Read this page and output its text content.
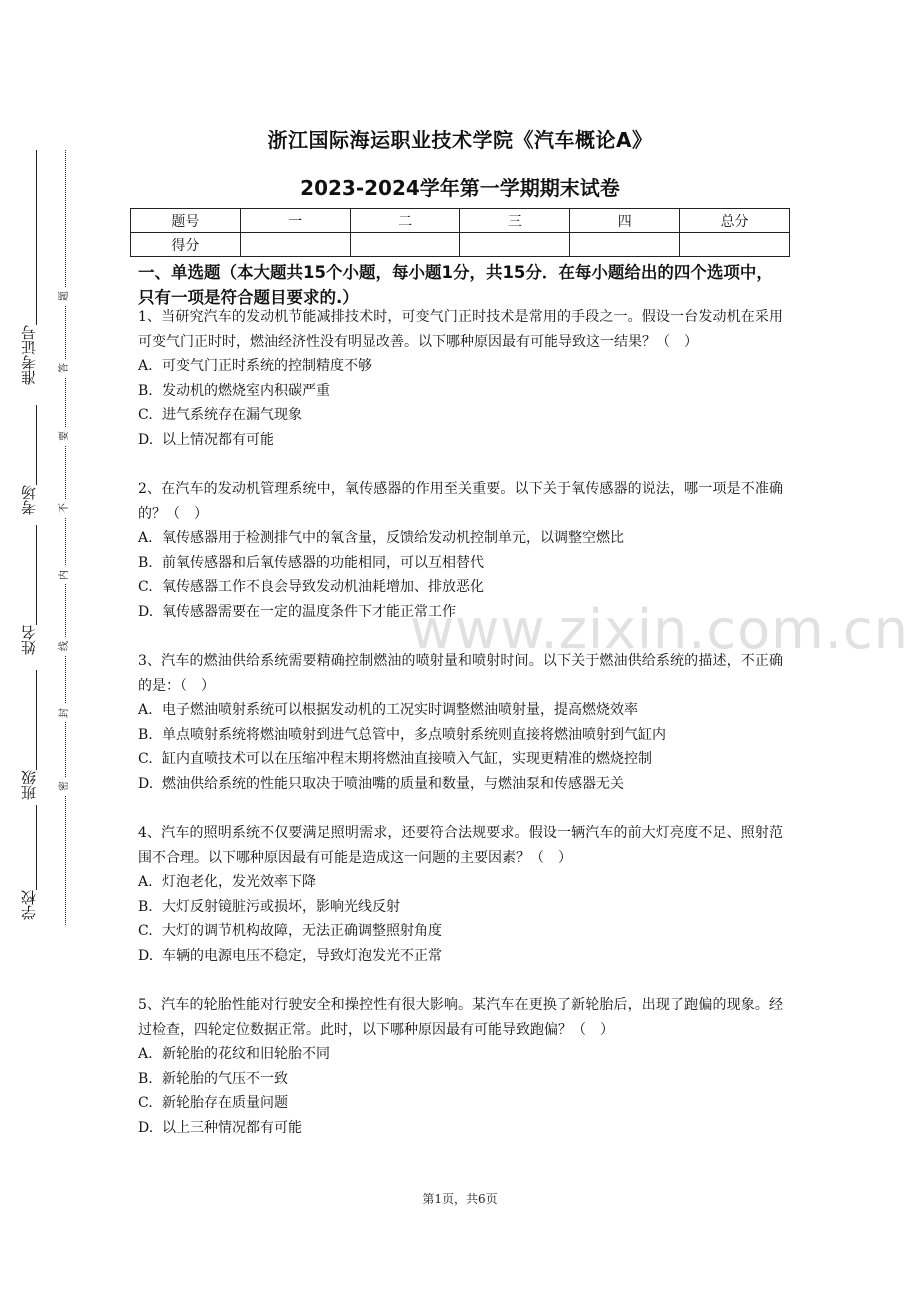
准考证号
考场
姓名
班级
学校
题
答
要
不
内
线
封
密
浙江国际海运职业技术学院《汽车概论A》
2023-2024学年第一学期期末试卷
题号	一	二	三	四	总分
得分					
一、单选题（本大题共15个小题，每小题1分，共15分．在每小题给出的四个选项中，只有一项是符合题目要求的.）
1、当研究汽车的发动机节能减排技术时，可变气门正时技术是常用的手段之一。假设一台发动机在采用可变气门正时时，燃油经济性没有明显改善。以下哪种原因最有可能导致这一结果？（　）
A. 可变气门正时系统的控制精度不够
B. 发动机的燃烧室内积碳严重
C. 进气系统存在漏气现象
D. 以上情况都有可能
2、在汽车的发动机管理系统中，氧传感器的作用至关重要。以下关于氧传感器的说法，哪一项是不准确的？（　）
A. 氧传感器用于检测排气中的氧含量，反馈给发动机控制单元，以调整空燃比
B. 前氧传感器和后氧传感器的功能相同，可以互相替代
C. 氧传感器工作不良会导致发动机油耗增加、排放恶化
D. 氧传感器需要在一定的温度条件下才能正常工作
3、汽车的燃油供给系统需要精确控制燃油的喷射量和喷射时间。以下关于燃油供给系统的描述，不正确的是：（　）
A. 电子燃油喷射系统可以根据发动机的工况实时调整燃油喷射量，提高燃烧效率
B. 单点喷射系统将燃油喷射到进气总管中，多点喷射系统则直接将燃油喷射到气缸内
C. 缸内直喷技术可以在压缩冲程末期将燃油直接喷入气缸，实现更精准的燃烧控制
D. 燃油供给系统的性能只取决于喷油嘴的质量和数量，与燃油泵和传感器无关
4、汽车的照明系统不仅要满足照明需求，还要符合法规要求。假设一辆汽车的前大灯亮度不足、照射范围不合理。以下哪种原因最有可能是造成这一问题的主要因素？（　）
A. 灯泡老化，发光效率下降
B. 大灯反射镜脏污或损坏，影响光线反射
C. 大灯的调节机构故障，无法正确调整照射角度
D. 车辆的电源电压不稳定，导致灯泡发光不正常
5、汽车的轮胎性能对行驶安全和操控性有很大影响。某汽车在更换了新轮胎后，出现了跑偏的现象。经过检查，四轮定位数据正常。此时，以下哪种原因最有可能导致跑偏？（　）
A. 新轮胎的花纹和旧轮胎不同
B. 新轮胎的气压不一致
C. 新轮胎存在质量问题
D. 以上三种情况都有可能
www.zixin.com.cn
第1页，共6页
